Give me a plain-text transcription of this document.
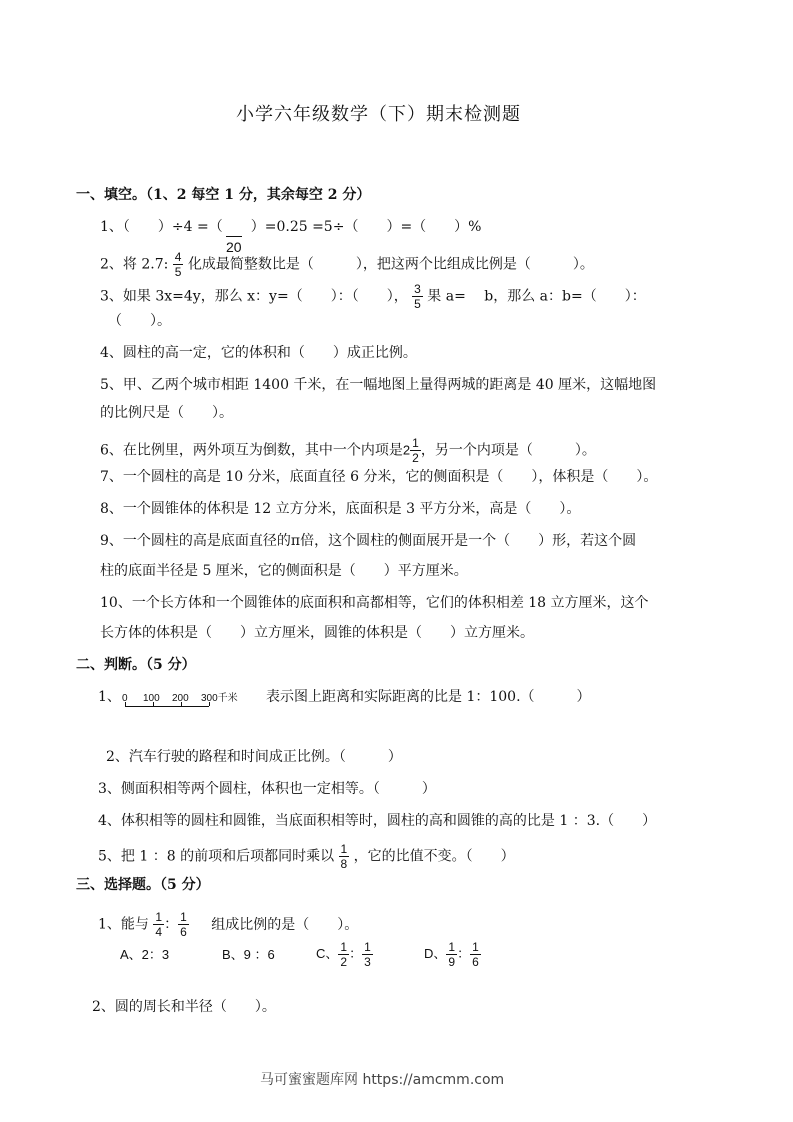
小学六年级数学（下）期末检测题
一、填空。（1、2 每空 1 分，其余每空 2 分）
1、（　　）÷4 =（　　）=0.25 =5÷（　　）=（　　）%
20
2、将 2.7: $\frac{4}{5}$ 化成最简整数比是（　　　），把这两个比组成比例是（　　　）。
3、如果 3x=4y，那么 x：y=（　　）：（　　）， $\frac{3}{5}$ 果 a=　 b，那么 a：b=（　　）：
（　　）。
4、圆柱的高一定，它的体积和（　　）成正比例。
5、甲、乙两个城市相距 1400 千米，在一幅地图上量得两城的距离是 40 厘米，这幅地图
的比例尺是（　　）。
6、在比例里，两外项互为倒数，其中一个内项是$2 \frac{1}{2}$ ，另一个内项是（　　　）。
7、一个圆柱的高是 10 分米，底面直径 6 分米，它的侧面积是（　　），体积是（　　）。
8、一个圆锥体的体积是 12 立方分米，底面积是 3 平方分米，高是（　　）。
9、一个圆柱的高是底面直径的π倍，这个圆柱的侧面展开是一个（　　）形，若这个圆
柱的底面半径是 5 厘米，它的侧面积是（　　）平方厘米。
10、一个长方体和一个圆锥体的底面积和高都相等，它们的体积相差 18 立方厘米，这个
长方体的体积是（　　）立方厘米，圆锥的体积是（　　）立方厘米。
二、判断。（5 分）
1、 0 100 200 300千米 表示图上距离和实际距离的比是 1：100.（　　　）
2、汽车行驶的路程和时间成正比例。（　　　）
3、侧面积相等两个圆柱，体积也一定相等。（　　　）
4、体积相等的圆柱和圆锥，当底面积相等时，圆柱的高和圆锥的高的比是 1 ：3.（　　）
5、把 1 ：8 的前项和后项都同时乘以 $\frac{1}{8}$ ，它的比值不变。（　　）
三、选择题。（5 分）
1、能与 $\frac{1}{4}$ ： $\frac{1}{6}$ 组成比例的是（　　）。
A、2：3	B、9 ：6	C、 $\frac{1}{2}$ ： $\frac{1}{3}$	D、 $\frac{1}{9}$ ： $\frac{1}{6}$
2、圆的周长和半径（　　）。
马可蜜蜜题库网 https://amcmm.com
